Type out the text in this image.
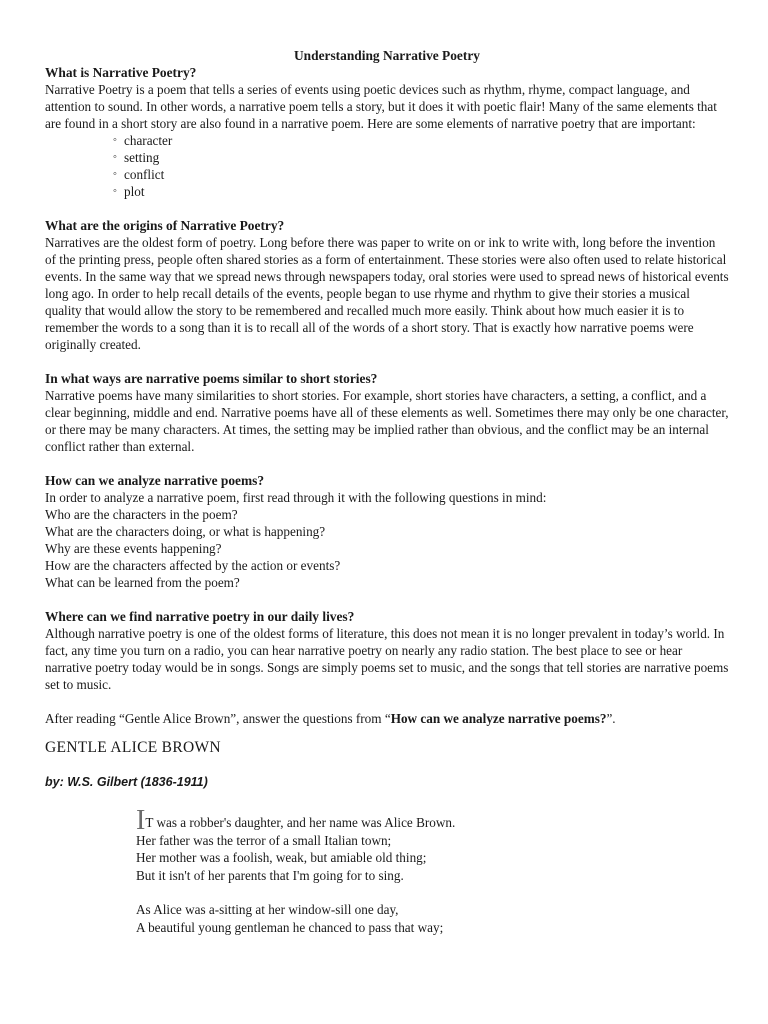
Understanding Narrative Poetry

What is Narrative Poetry?

Narrative Poetry is a poem that tells a series of events using poetic devices such as rhythm, rhyme, compact language, and attention to sound. In other words, a narrative poem tells a story, but it does it with poetic flair! Many of the same elements that are found in a short story are also found in a narrative poem. Here are some elements of narrative poetry that are important:

◦ character
◦ setting
◦ conflict
◦ plot

What are the origins of Narrative Poetry?

Narratives are the oldest form of poetry. Long before there was paper to write on or ink to write with, long before the invention of the printing press, people often shared stories as a form of entertainment. These stories were also often used to relate historical events. In the same way that we spread news through newspapers today, oral stories were used to spread news of historical events long ago. In order to help recall details of the events, people began to use rhyme and rhythm to give their stories a musical quality that would allow the story to be remembered and recalled much more easily. Think about how much easier it is to remember the words to a song than it is to recall all of the words of a short story. That is exactly how narrative poems were originally created.

In what ways are narrative poems similar to short stories?

Narrative poems have many similarities to short stories. For example, short stories have characters, a setting, a conflict, and a clear beginning, middle and end. Narrative poems have all of these elements as well. Sometimes there may only be one character, or there may be many characters. At times, the setting may be implied rather than obvious, and the conflict may be an internal conflict rather than external.

How can we analyze narrative poems?

In order to analyze a narrative poem, first read through it with the following questions in mind:

Who are the characters in the poem?

What are the characters doing, or what is happening?

Why are these events happening?

How are the characters affected by the action or events?

What can be learned from the poem?

Where can we find narrative poetry in our daily lives?

Although narrative poetry is one of the oldest forms of literature, this does not mean it is no longer prevalent in today’s world. In fact, any time you turn on a radio, you can hear narrative poetry on nearly any radio station. The best place to see or hear narrative poetry today would be in songs. Songs are simply poems set to music, and the songs that tell stories are narrative poems set to music.

After reading “Gentle Alice Brown”, answer the questions from “How can we analyze narrative poems?”.

GENTLE ALICE BROWN

by: W.S. Gilbert (1836-1911)

IT was a robber's daughter, and her name was Alice Brown.

Her father was the terror of a small Italian town;

Her mother was a foolish, weak, but amiable old thing;

But it isn't of her parents that I'm going for to sing.

As Alice was a-sitting at her window-sill one day,

A beautiful young gentleman he chanced to pass that way;
